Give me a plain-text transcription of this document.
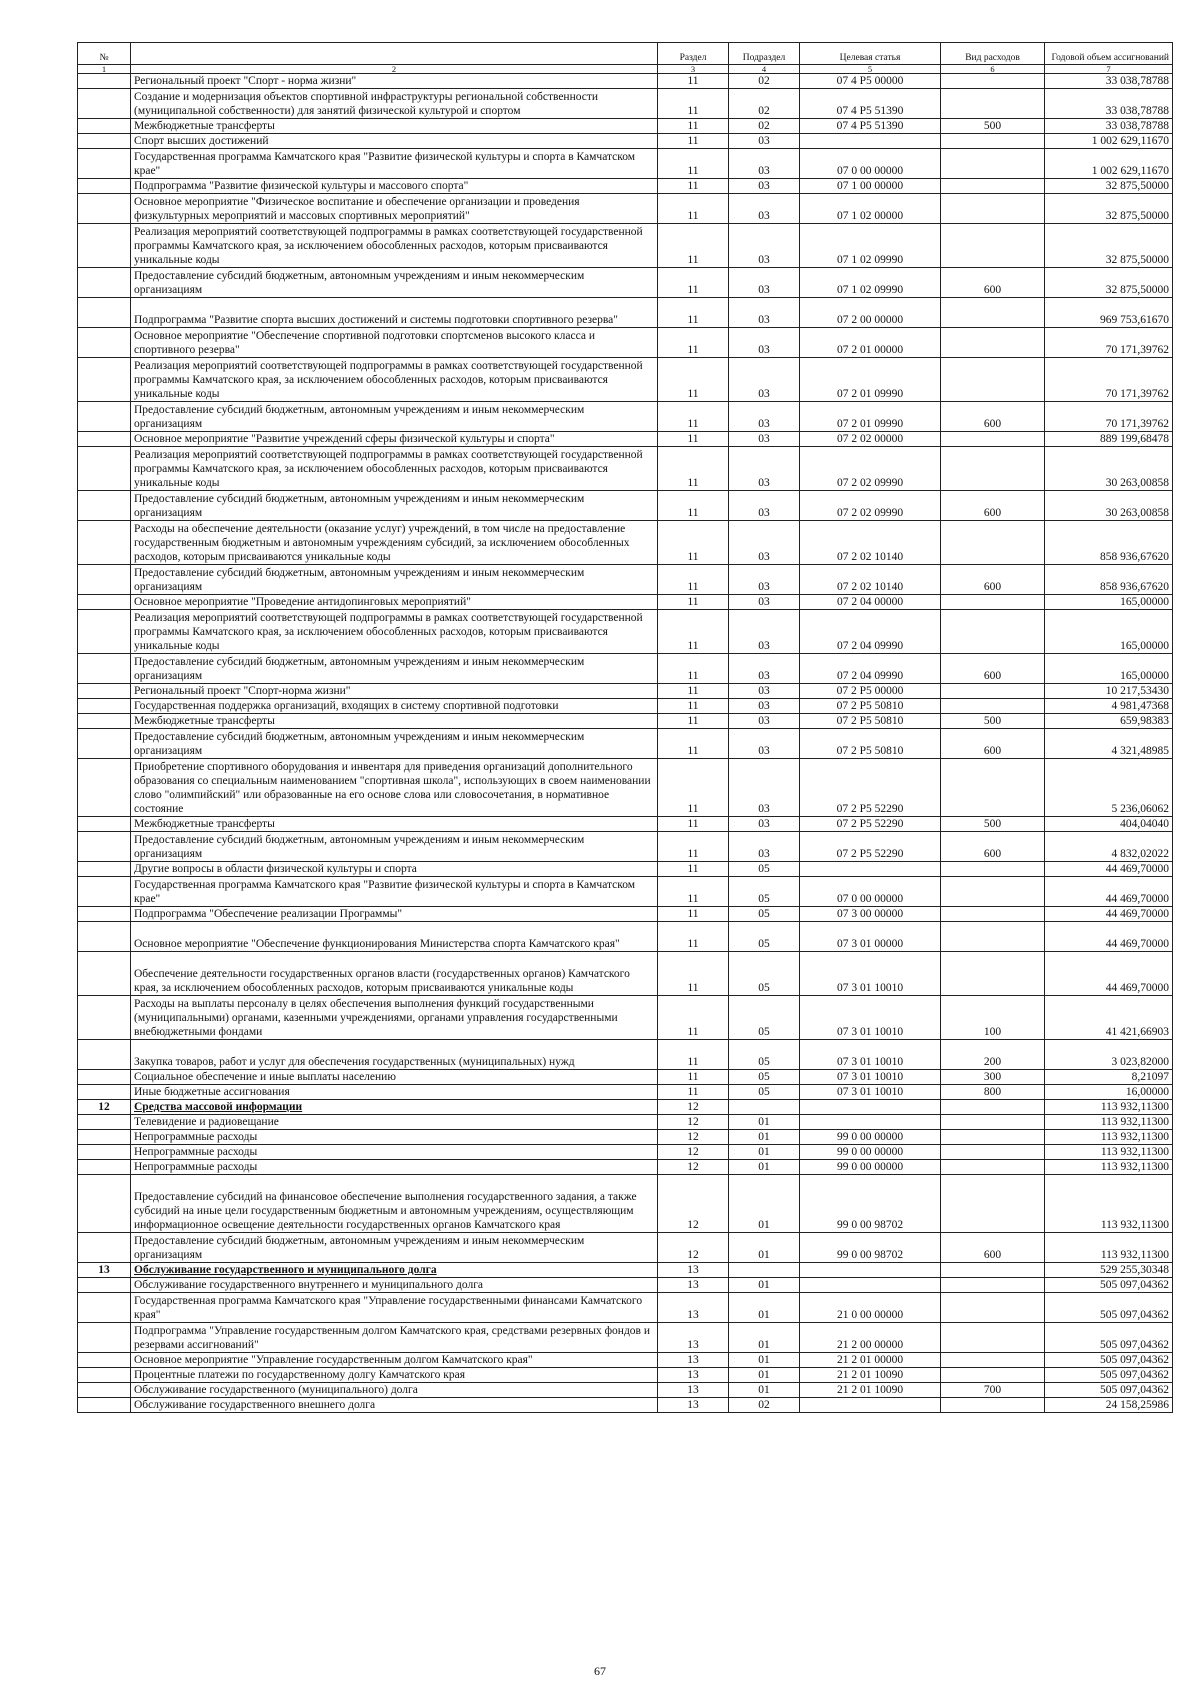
№		Раздел	Подраздел	Целевая статья	Вид расходов	Годовой объем ассигнований
1	2	3	4	5	6	7
	Региональный проект "Спорт - норма жизни"	11	02	07 4 P5 00000		33 038,78788
	Создание и модернизация объектов спортивной инфраструктуры региональной собственности (муниципальной собственности) для занятий физической культурой и спортом	11	02	07 4 P5 51390		33 038,78788
	Межбюджетные трансферты	11	02	07 4 P5 51390	500	33 038,78788
	Спорт высших достижений	11	03			1 002 629,11670
	Государственная программа Камчатского края "Развитие физической культуры и спорта в Камчатском крае"	11	03	07 0 00 00000		1 002 629,11670
	Подпрограмма "Развитие физической культуры и массового спорта"	11	03	07 1 00 00000		32 875,50000
	Основное мероприятие "Физическое воспитание и обеспечение организации и проведения физкультурных мероприятий и массовых спортивных мероприятий"	11	03	07 1 02 00000		32 875,50000
	Реализация мероприятий соответствующей подпрограммы в рамках соответствующей государственной программы Камчатского края, за исключением обособленных расходов, которым присваиваются уникальные коды	11	03	07 1 02 09990		32 875,50000
	Предоставление субсидий бюджетным, автономным учреждениям и иным некоммерческим организациям	11	03	07 1 02 09990	600	32 875,50000
	Подпрограмма "Развитие спорта высших достижений и системы подготовки спортивного резерва"	11	03	07 2 00 00000		969 753,61670
	Основное мероприятие "Обеспечение спортивной подготовки спортсменов высокого класса и спортивного резерва"	11	03	07 2 01 00000		70 171,39762
	Реализация мероприятий соответствующей подпрограммы в рамках соответствующей государственной программы Камчатского края, за исключением обособленных расходов, которым присваиваются уникальные коды	11	03	07 2 01 09990		70 171,39762
	Предоставление субсидий бюджетным, автономным учреждениям и иным некоммерческим организациям	11	03	07 2 01 09990	600	70 171,39762
	Основное мероприятие "Развитие учреждений сферы физической культуры и спорта"	11	03	07 2 02 00000		889 199,68478
	Реализация мероприятий соответствующей подпрограммы в рамках соответствующей государственной программы Камчатского края, за исключением обособленных расходов, которым присваиваются уникальные коды	11	03	07 2 02 09990		30 263,00858
	Предоставление субсидий бюджетным, автономным учреждениям и иным некоммерческим организациям	11	03	07 2 02 09990	600	30 263,00858
	Расходы на обеспечение деятельности (оказание услуг) учреждений, в том числе на предоставление государственным бюджетным и автономным учреждениям субсидий, за исключением обособленных расходов, которым присваиваются уникальные коды	11	03	07 2 02 10140		858 936,67620
	Предоставление субсидий бюджетным, автономным учреждениям и иным некоммерческим организациям	11	03	07 2 02 10140	600	858 936,67620
	Основное мероприятие "Проведение антидопинговых мероприятий"	11	03	07 2 04 00000		165,00000
	Реализация мероприятий соответствующей подпрограммы в рамках соответствующей государственной программы Камчатского края, за исключением обособленных расходов, которым присваиваются уникальные коды	11	03	07 2 04 09990		165,00000
	Предоставление субсидий бюджетным, автономным учреждениям и иным некоммерческим организациям	11	03	07 2 04 09990	600	165,00000
	Региональный проект "Спорт-норма жизни"	11	03	07 2 P5 00000		10 217,53430
	Государственная поддержка организаций, входящих в систему спортивной подготовки	11	03	07 2 P5 50810		4 981,47368
	Межбюджетные трансферты	11	03	07 2 P5 50810	500	659,98383
	Предоставление субсидий бюджетным, автономным учреждениям и иным некоммерческим организациям	11	03	07 2 P5 50810	600	4 321,48985
	Приобретение спортивного оборудования и инвентаря для приведения организаций дополнительного образования со специальным наименованием "спортивная школа", использующих в своем наименовании слово "олимпийский" или образованные на его основе слова или словосочетания, в нормативное состояние	11	03	07 2 P5 52290		5 236,06062
	Межбюджетные трансферты	11	03	07 2 P5 52290	500	404,04040
	Предоставление субсидий бюджетным, автономным учреждениям и иным некоммерческим организациям	11	03	07 2 P5 52290	600	4 832,02022
	Другие вопросы в области физической культуры и спорта	11	05			44 469,70000
	Государственная программа Камчатского края "Развитие физической культуры и спорта в Камчатском крае"	11	05	07 0 00 00000		44 469,70000
	Подпрограмма "Обеспечение реализации Программы"	11	05	07 3 00 00000		44 469,70000
	Основное мероприятие "Обеспечение функционирования Министерства спорта Камчатского края"	11	05	07 3 01 00000		44 469,70000
	Обеспечение деятельности государственных органов власти (государственных органов) Камчатского края, за исключением обособленных расходов, которым присваиваются уникальные коды	11	05	07 3 01 10010		44 469,70000
	Расходы на выплаты персоналу в целях обеспечения выполнения функций государственными (муниципальными) органами, казенными учреждениями, органами управления государственными внебюджетными фондами	11	05	07 3 01 10010	100	41 421,66903
	Закупка товаров, работ и услуг для обеспечения государственных (муниципальных) нужд	11	05	07 3 01 10010	200	3 023,82000
	Социальное обеспечение и иные выплаты населению	11	05	07 3 01 10010	300	8,21097
	Иные бюджетные ассигнования	11	05	07 3 01 10010	800	16,00000
12	Средства массовой информации	12				113 932,11300
	Телевидение и радиовещание	12	01			113 932,11300
	Непрограммные расходы	12	01	99 0 00 00000		113 932,11300
	Непрограммные расходы	12	01	99 0 00 00000		113 932,11300
	Непрограммные расходы	12	01	99 0 00 00000		113 932,11300
	Предоставление субсидий на финансовое обеспечение выполнения государственного задания, а также субсидий на иные цели государственным бюджетным и автономным учреждениям, осуществляющим информационное освещение деятельности государственных органов Камчатского края	12	01	99 0 00 98702		113 932,11300
	Предоставление субсидий бюджетным, автономным учреждениям и иным некоммерческим организациям	12	01	99 0 00 98702	600	113 932,11300
13	Обслуживание государственного и муниципального долга	13				529 255,30348
	Обслуживание государственного внутреннего и муниципального долга	13	01			505 097,04362
	Государственная программа Камчатского края "Управление государственными финансами Камчатского края"	13	01	21 0 00 00000		505 097,04362
	Подпрограмма "Управление государственным долгом Камчатского края, средствами резервных фондов и резервами ассигнований"	13	01	21 2 00 00000		505 097,04362
	Основное мероприятие "Управление государственным долгом Камчатского края"	13	01	21 2 01 00000		505 097,04362
	Процентные платежи по государственному долгу Камчатского края	13	01	21 2 01 10090		505 097,04362
	Обслуживание государственного (муниципального) долга	13	01	21 2 01 10090	700	505 097,04362
	Обслуживание государственного внешнего долга	13	02			24 158,25986
67
